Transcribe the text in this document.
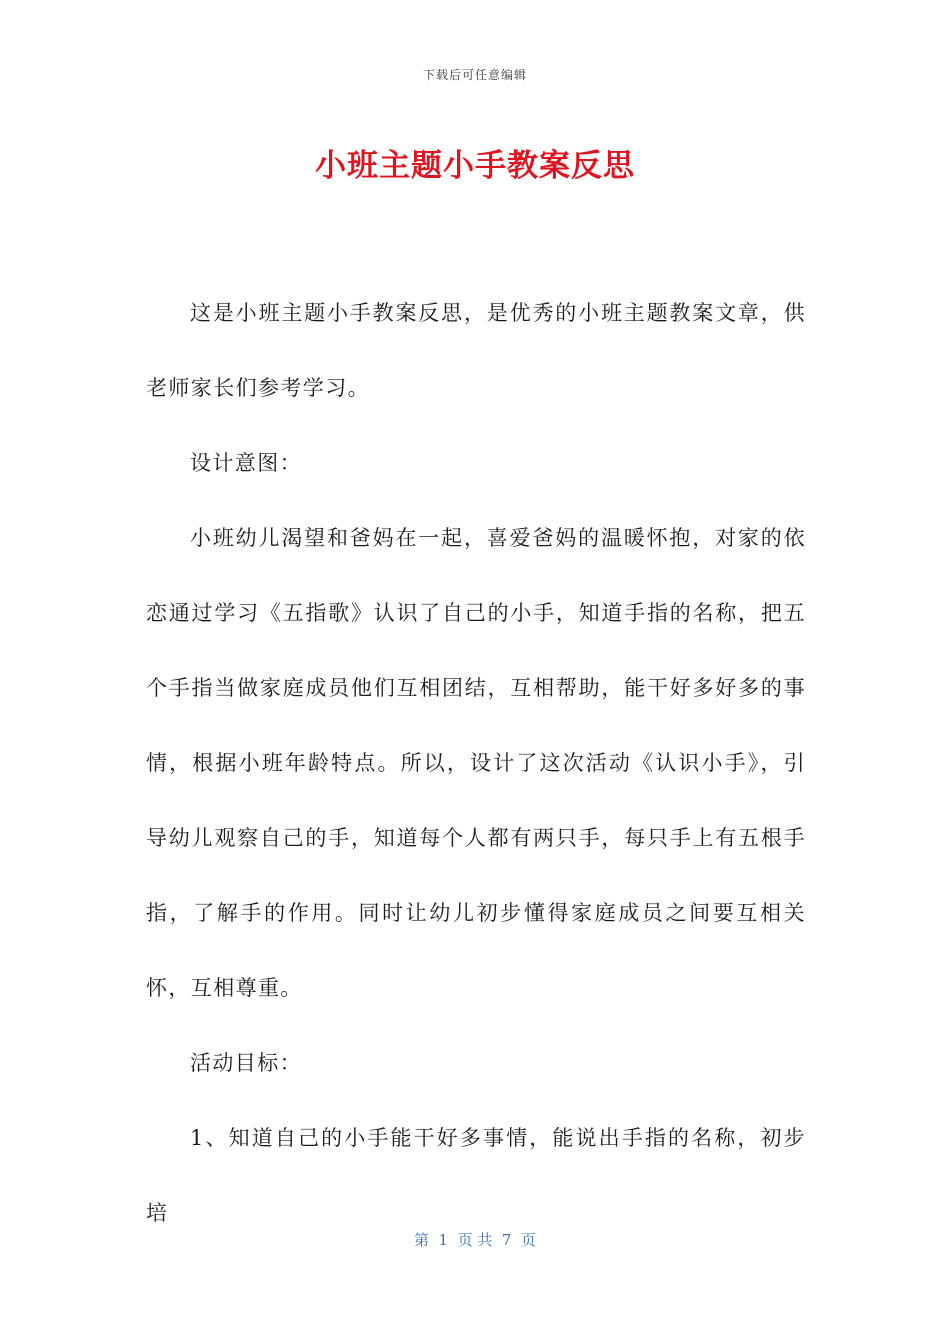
下载后可任意编辑
小班主题小手教案反思

这是小班主题小手教案反思，是优秀的小班主题教案文章，供老师家长们参考学习。

设计意图：

小班幼儿渴望和爸妈在一起，喜爱爸妈的温暖怀抱，对家的依恋通过学习《五指歌》认识了自己的小手，知道手指的名称，把五个手指当做家庭成员他们互相团结，互相帮助，能干好多好多的事情，根据小班年龄特点。所以，设计了这次活动《认识小手》，引导幼儿观察自己的手，知道每个人都有两只手，每只手上有五根手指，了解手的作用。同时让幼儿初步懂得家庭成员之间要互相关怀，互相尊重。

活动目标：

1、知道自己的小手能干好多事情，能说出手指的名称，初步培

第  1  页 共  7  页
